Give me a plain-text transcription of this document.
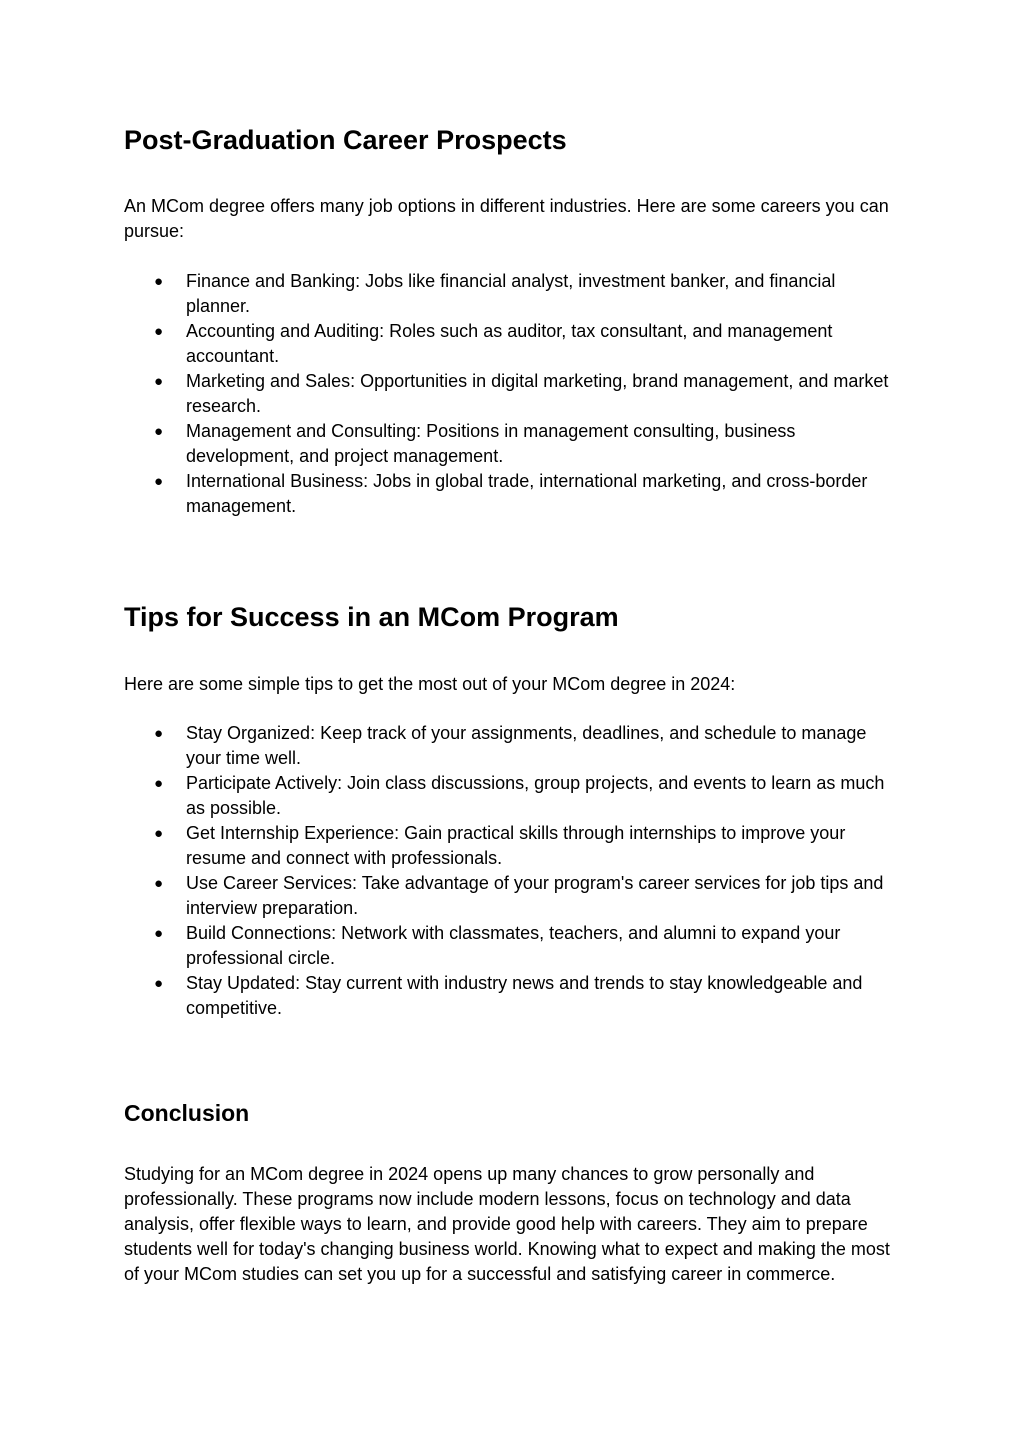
Post-Graduation Career Prospects

An MCom degree offers many job options in different industries. Here are some careers you can pursue:

● Finance and Banking: Jobs like financial analyst, investment banker, and financial planner.
● Accounting and Auditing: Roles such as auditor, tax consultant, and management accountant.
● Marketing and Sales: Opportunities in digital marketing, brand management, and market research.
● Management and Consulting: Positions in management consulting, business development, and project management.
● International Business: Jobs in global trade, international marketing, and cross-border management.
Tips for Success in an MCom Program

Here are some simple tips to get the most out of your MCom degree in 2024:

● Stay Organized: Keep track of your assignments, deadlines, and schedule to manage your time well.
● Participate Actively: Join class discussions, group projects, and events to learn as much as possible.
● Get Internship Experience: Gain practical skills through internships to improve your resume and connect with professionals.
● Use Career Services: Take advantage of your program's career services for job tips and interview preparation.
● Build Connections: Network with classmates, teachers, and alumni to expand your professional circle.
● Stay Updated: Stay current with industry news and trends to stay knowledgeable and competitive.
Conclusion

Studying for an MCom degree in 2024 opens up many chances to grow personally and professionally. These programs now include modern lessons, focus on technology and data analysis, offer flexible ways to learn, and provide good help with careers. They aim to prepare students well for today's changing business world. Knowing what to expect and making the most of your MCom studies can set you up for a successful and satisfying career in commerce.
